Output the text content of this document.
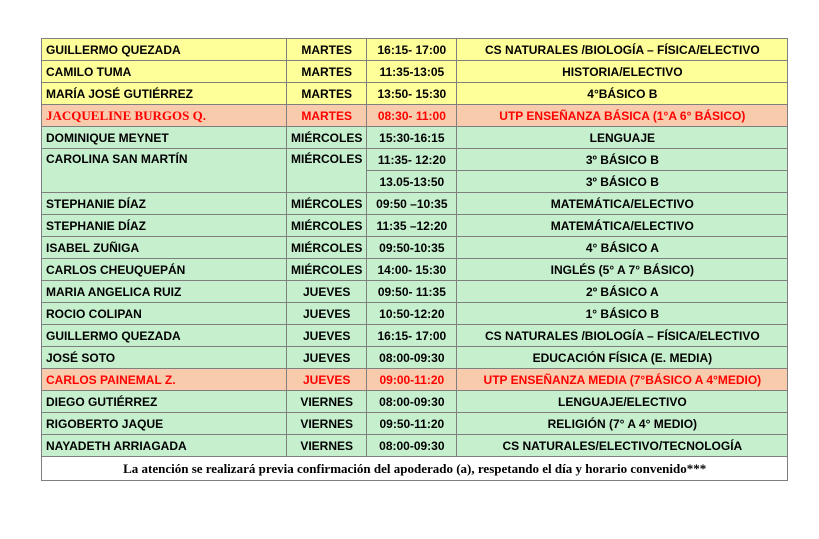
GUILLERMO QUEZADA	MARTES	16:15- 17:00	CS NATURALES /BIOLOGÍA – FÍSICA/ELECTIVO
CAMILO TUMA	MARTES	11:35-13:05	HISTORIA/ELECTIVO
MARÍA JOSÉ GUTIÉRREZ	MARTES	13:50- 15:30	4°BÁSICO B
JACQUELINE BURGOS Q.	MARTES	08:30- 11:00	UTP ENSEÑANZA BÁSICA (1°A 6° BÁSICO)
DOMINIQUE MEYNET	MIÉRCOLES	15:30-16:15	LENGUAJE
CAROLINA SAN MARTÍN	MIÉRCOLES	11:35- 12:20	3º BÁSICO B
		13.05-13:50	3º BÁSICO B
STEPHANIE DÍAZ	MIÉRCOLES	09:50 –10:35	MATEMÁTICA/ELECTIVO
STEPHANIE DÍAZ	MIÉRCOLES	11:35 –12:20	MATEMÁTICA/ELECTIVO
ISABEL ZUÑIGA	MIÉRCOLES	09:50-10:35	4° BÁSICO A
CARLOS CHEUQUEPÁN	MIÉRCOLES	14:00- 15:30	INGLÉS (5° A 7° BÁSICO)
MARIA ANGELICA RUIZ	JUEVES	09:50- 11:35	2º BÁSICO A
ROCIO COLIPAN	JUEVES	10:50-12:20	1° BÁSICO B
GUILLERMO QUEZADA	JUEVES	16:15- 17:00	CS NATURALES /BIOLOGÍA – FÍSICA/ELECTIVO
JOSÉ SOTO	JUEVES	08:00-09:30	EDUCACIÓN FÍSICA (E. MEDIA)
CARLOS PAINEMAL Z.	JUEVES	09:00-11:20	UTP ENSEÑANZA MEDIA (7°BÁSICO A 4°MEDIO)
DIEGO GUTIÉRREZ	VIERNES	08:00-09:30	LENGUAJE/ELECTIVO
RIGOBERTO JAQUE	VIERNES	09:50-11:20	RELIGIÓN (7° A 4° MEDIO)
NAYADETH ARRIAGADA	VIERNES	08:00-09:30	CS NATURALES/ELECTIVO/TECNOLOGÍA
La atención se realizará previa confirmación del apoderado (a), respetando el día y horario convenido***			
